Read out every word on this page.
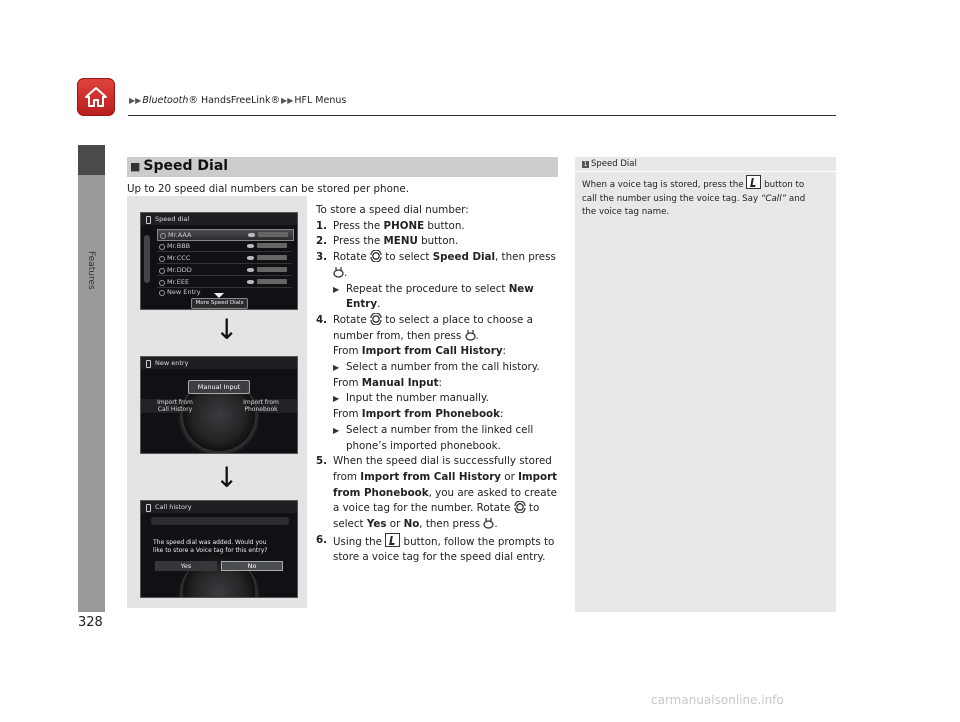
▶▶Bluetooth® HandsFreeLink®▶▶HFL Menus
Features
328
■ Speed Dial
Up to 20 speed dial numbers can be stored per phone.
Speed dial
Mr.AAA
Mr.BBB
Mr.CCC
Mr.DDD
Mr.EEE
New Entry
More Speed Dials
↓
New entry
Manual Input
Import from
Call History
Import from
Phonebook
↓
Call history
The speed dial was added. Would you
like to store a Voice tag for this entry?
Yes	No

To store a speed dial number:

1. Press the PHONE button.

2. Press the MENU button.

3. Rotate  to select Speed Dial, then press

.

▶ Repeat the procedure to select New

Entry.

4. Rotate  to select a place to choose a

number from, then press .

From Import from Call History:

▶ Select a number from the call history.

From Manual Input:

▶ Input the number manually.

From Import from Phonebook:

▶ Select a number from the linked cell

phone’s imported phonebook.

5. When the speed dial is successfully stored

from Import from Call History or Import

from Phonebook, you are asked to create

a voice tag for the number. Rotate  to

select Yes or No, then press .

6. Using the  button, follow the prompts to

store a voice tag for the speed dial entry.

1 Speed Dial
When a voice tag is stored, press the  button to
call the number using the voice tag. Say “Call” and
the voice tag name.
carmanualsonline.info
